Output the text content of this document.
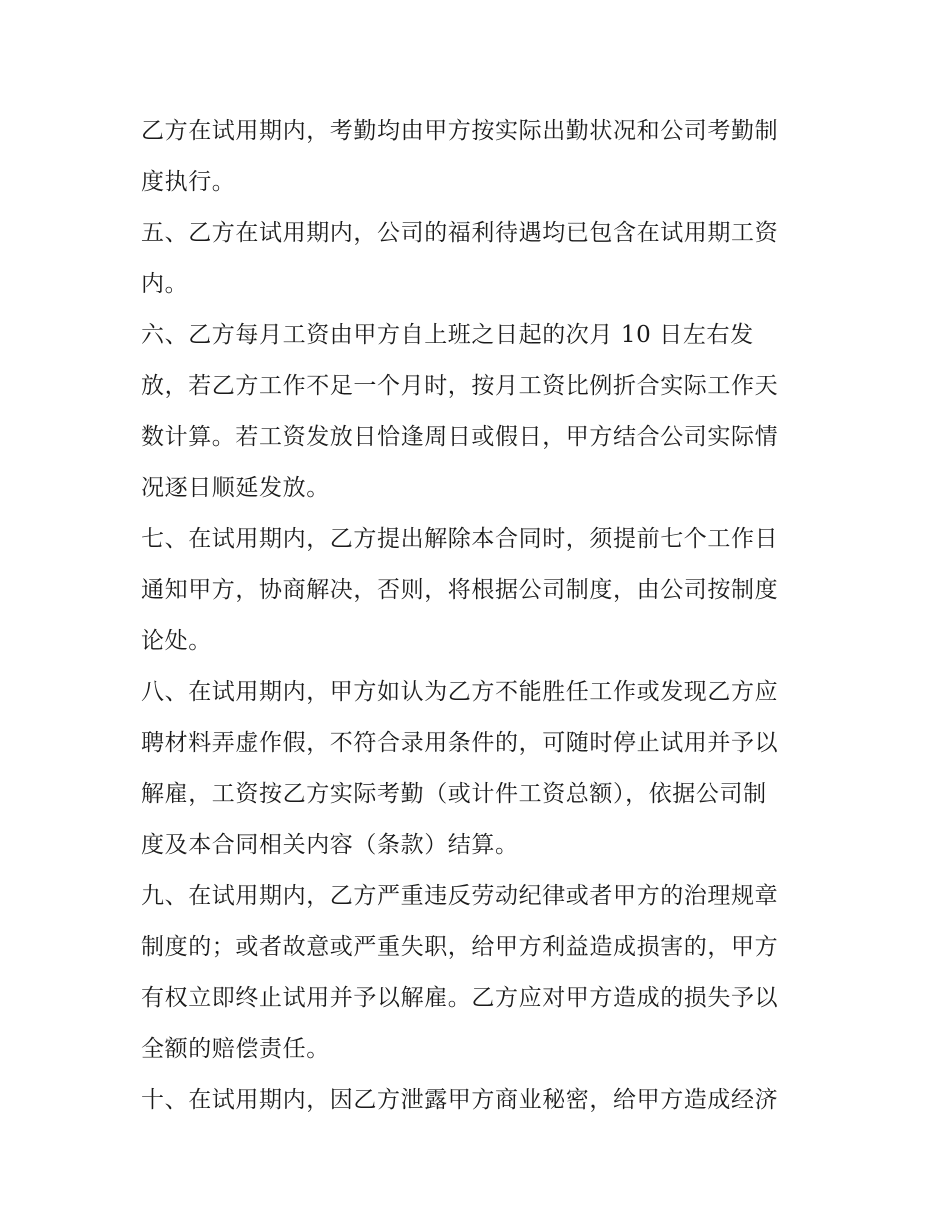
乙方在试用期内，考勤均由甲方按实际出勤状况和公司考勤制
度执行。
五、乙方在试用期内，公司的福利待遇均已包含在试用期工资
内。
六、乙方每月工资由甲方自上班之日起的次月 10 日左右发
放，若乙方工作不足一个月时，按月工资比例折合实际工作天
数计算。若工资发放日恰逢周日或假日，甲方结合公司实际情
况逐日顺延发放。
七、在试用期内，乙方提出解除本合同时，须提前七个工作日
通知甲方，协商解决，否则，将根据公司制度，由公司按制度
论处。
八、在试用期内，甲方如认为乙方不能胜任工作或发现乙方应
聘材料弄虚作假，不符合录用条件的，可随时停止试用并予以
解雇，工资按乙方实际考勤（或计件工资总额），依据公司制
度及本合同相关内容（条款）结算。
九、在试用期内，乙方严重违反劳动纪律或者甲方的治理规章
制度的；或者故意或严重失职，给甲方利益造成损害的，甲方
有权立即终止试用并予以解雇。乙方应对甲方造成的损失予以
全额的赔偿责任。
十、在试用期内，因乙方泄露甲方商业秘密，给甲方造成经济
